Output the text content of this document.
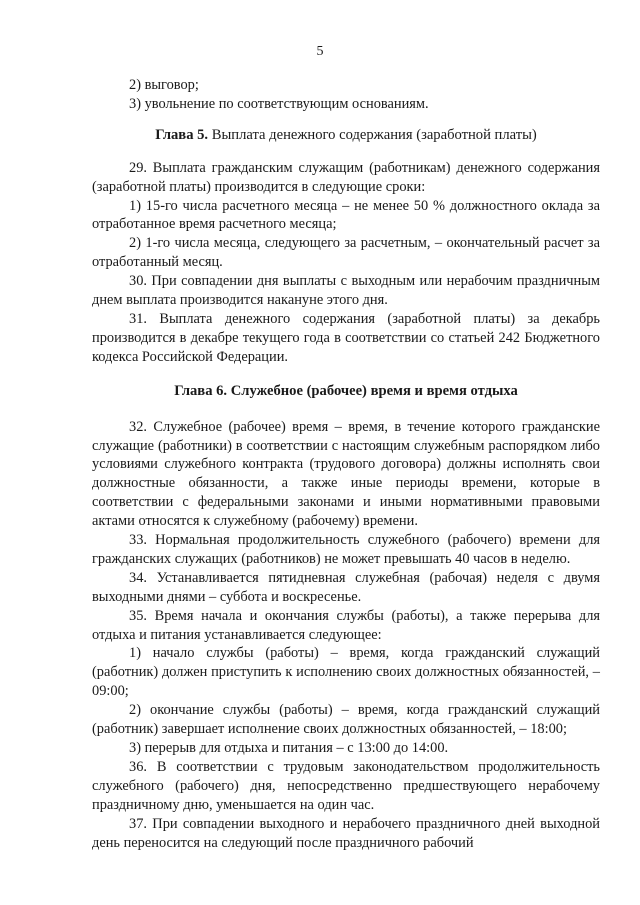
5

2) выговор;

3) увольнение по соответствующим основаниям.

Глава 5. Выплата денежного содержания (заработной платы)

29. Выплата гражданским служащим (работникам) денежного содержания (заработной платы) производится в следующие сроки:

1) 15-го числа расчетного месяца – не менее 50 % должностного оклада за отработанное время расчетного месяца;

2) 1-го числа месяца, следующего за расчетным, – окончательный расчет за отработанный месяц.

30. При совпадении дня выплаты с выходным или нерабочим праздничным днем выплата производится накануне этого дня.

31. Выплата денежного содержания (заработной платы) за декабрь производится в декабре текущего года в соответствии со статьей 242 Бюджетного кодекса Российской Федерации.

Глава 6. Служебное (рабочее) время и время отдыха

32. Служебное (рабочее) время – время, в течение которого гражданские служащие (работники) в соответствии с настоящим служебным распорядком либо условиями служебного контракта (трудового договора) должны исполнять свои должностные обязанности, а также иные периоды времени, которые в соответствии с федеральными законами и иными нормативными правовыми актами относятся к служебному (рабочему) времени.

33. Нормальная продолжительность служебного (рабочего) времени для гражданских служащих (работников) не может превышать 40 часов в неделю.

34. Устанавливается пятидневная служебная (рабочая) неделя с двумя выходными днями – суббота и воскресенье.

35. Время начала и окончания службы (работы), а также перерыва для отдыха и питания устанавливается следующее:

1) начало службы (работы) – время, когда гражданский служащий (работник) должен приступить к исполнению своих должностных обязанностей, – 09:00;

2) окончание службы (работы) – время, когда гражданский служащий (работник) завершает исполнение своих должностных обязанностей, – 18:00;

3) перерыв для отдыха и питания – с 13:00 до 14:00.

36. В соответствии с трудовым законодательством продолжительность служебного (рабочего) дня, непосредственно предшествующего нерабочему праздничному дню, уменьшается на один час.

37. При совпадении выходного и нерабочего праздничного дней выходной день переносится на следующий после праздничного рабочий
